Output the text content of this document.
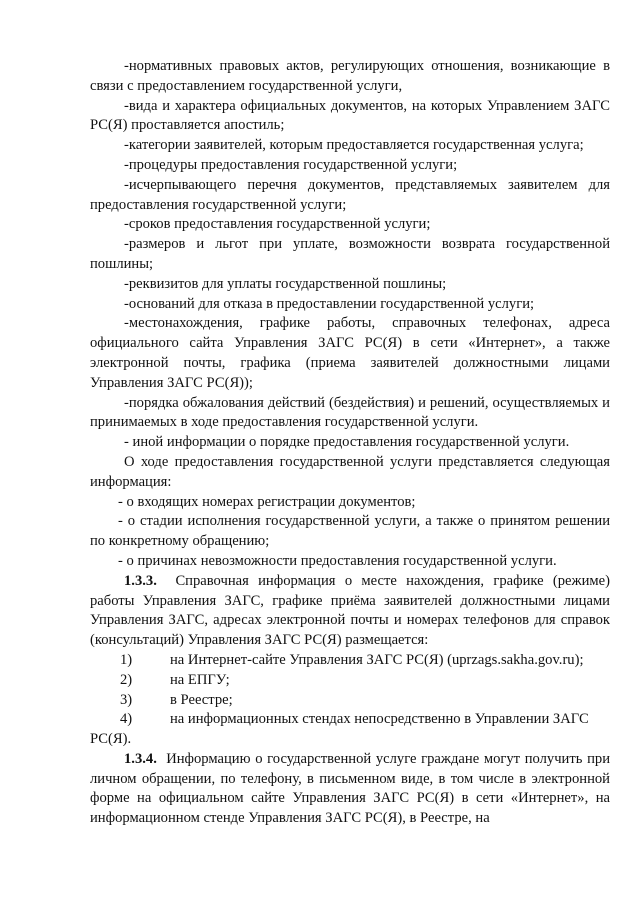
-нормативных правовых актов, регулирующих отношения, возникающие в связи с предоставлением государственной услуги,

-вида и характера официальных документов, на которых Управлением ЗАГС РС(Я) проставляется апостиль;

-категории заявителей, которым предоставляется государственная услуга;

-процедуры предоставления государственной услуги;

-исчерпывающего перечня документов, представляемых заявителем для предоставления государственной услуги;

-сроков предоставления государственной услуги;

-размеров и льгот при уплате, возможности возврата государственной пошлины;

-реквизитов для уплаты государственной пошлины;

-оснований для отказа в предоставлении государственной услуги;

-местонахождения, графике работы, справочных телефонах, адреса официального сайта Управления ЗАГС РС(Я) в сети «Интернет», а также электронной почты, графика (приема заявителей должностными лицами Управления ЗАГС РС(Я));

-порядка обжалования действий (бездействия) и решений, осуществляемых и принимаемых в ходе предоставления государственной услуги.

- иной информации о порядке предоставления государственной услуги.

О ходе предоставления государственной услуги представляется следующая информация:

- о входящих номерах регистрации документов;

- о стадии исполнения государственной услуги, а также о принятом решении по конкретному обращению;

- о причинах невозможности предоставления государственной услуги.

1.3.3. Справочная информация о месте нахождения, графике (режиме) работы Управления ЗАГС, графике приёма заявителей должностными лицами Управления ЗАГС, адресах электронной почты и номерах телефонов для справок (консультаций) Управления ЗАГС РС(Я) размещается:

1)	на Интернет-сайте Управления ЗАГС РС(Я) (uprzags.sakha.gov.ru);
2)	на ЕПГУ;
3)	в Реестре;
4)	на информационных стендах непосредственно в Управлении ЗАГС

РС(Я).

1.3.4. Информацию о государственной услуге граждане могут получить при личном обращении, по телефону, в письменном виде, в том числе в электронной форме на официальном сайте Управления ЗАГС РС(Я) в сети «Интернет», на информационном стенде Управления ЗАГС РС(Я), в Реестре, на
